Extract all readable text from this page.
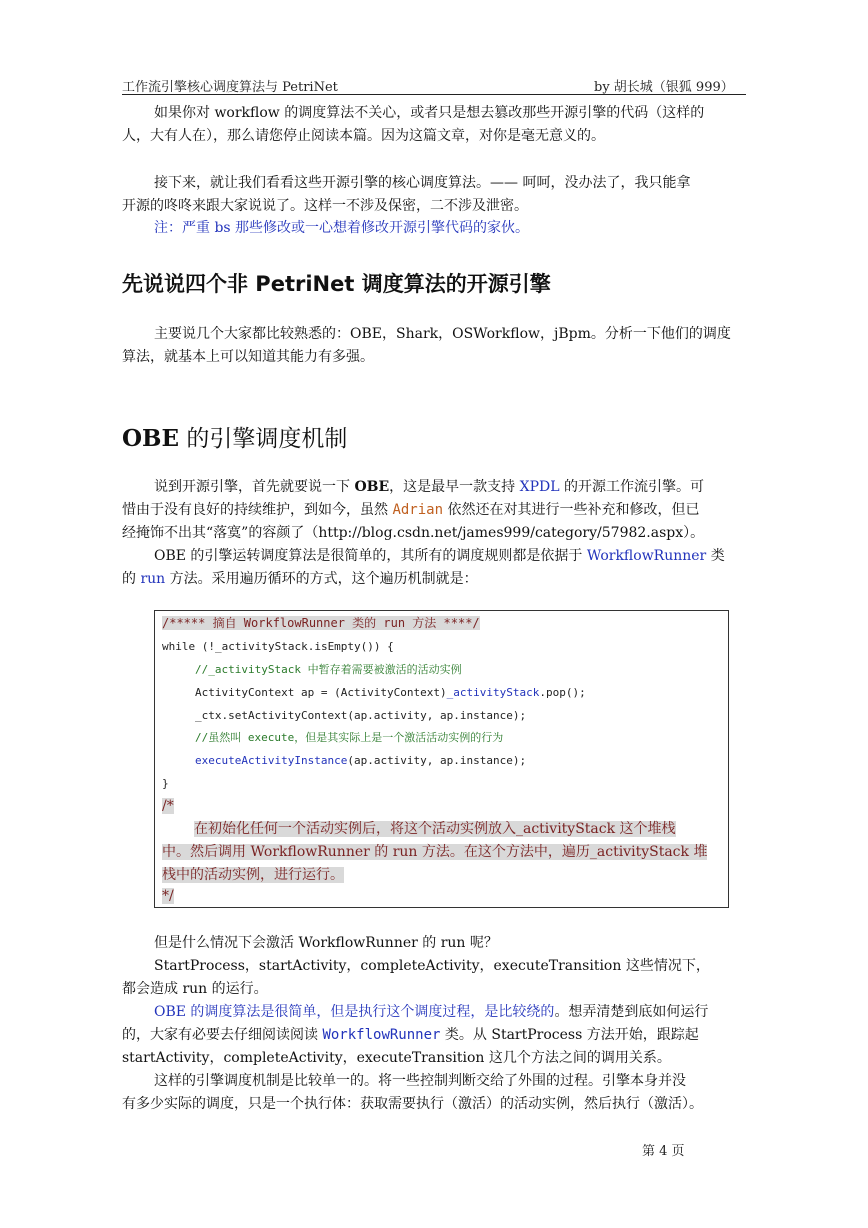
工作流引擎核心调度算法与 PetriNet	by 胡长城（银狐 999）

如果你对 workflow 的调度算法不关心，或者只是想去篡改那些开源引擎的代码（这样的

人，大有人在），那么请您停止阅读本篇。因为这篇文章，对你是毫无意义的。

接下来，就让我们看看这些开源引擎的核心调度算法。—— 呵呵，没办法了，我只能拿

开源的咚咚来跟大家说说了。这样一不涉及保密，二不涉及泄密。

注：严重 bs 那些修改或一心想着修改开源引擎代码的家伙。

先说说四个非 PetriNet 调度算法的开源引擎

主要说几个大家都比较熟悉的：OBE，Shark，OSWorkflow，jBpm。分析一下他们的调度

算法，就基本上可以知道其能力有多强。

OBE 的引擎调度机制

说到开源引擎，首先就要说一下 OBE，这是最早一款支持 XPDL 的开源工作流引擎。可

惜由于没有良好的持续维护，到如今，虽然 Adrian 依然还在对其进行一些补充和修改，但已

经掩饰不出其“落寞”的容颜了（http://blog.csdn.net/james999/category/57982.aspx）。

OBE 的引擎运转调度算法是很简单的，其所有的调度规则都是依据于 WorkflowRunner 类

的 run 方法。采用遍历循环的方式，这个遍历机制就是：

/***** 摘自 WorkflowRunner 类的 run 方法 ****/
while (!_activityStack.isEmpty()) {
//_activityStack 中暂存着需要被激活的活动实例
ActivityContext ap = (ActivityContext)_activityStack.pop();
_ctx.setActivityContext(ap.activity, ap.instance);
//虽然叫 execute，但是其实际上是一个激活活动实例的行为
executeActivityInstance(ap.activity, ap.instance);
}
/*
在初始化任何一个活动实例后，将这个活动实例放入_activityStack 这个堆栈
中。然后调用 WorkflowRunner 的 run 方法。在这个方法中，遍历_activityStack 堆
栈中的活动实例，进行运行。
*/

但是什么情况下会激活 WorkflowRunner 的 run 呢？

StartProcess，startActivity，completeActivity，executeTransition 这些情况下，

都会造成 run 的运行。

OBE 的调度算法是很简单，但是执行这个调度过程，是比较绕的。想弄清楚到底如何运行

的，大家有必要去仔细阅读阅读 WorkflowRunner 类。从 StartProcess 方法开始，跟踪起

startActivity，completeActivity，executeTransition 这几个方法之间的调用关系。

这样的引擎调度机制是比较单一的。将一些控制判断交给了外围的过程。引擎本身并没

有多少实际的调度，只是一个执行体：获取需要执行（激活）的活动实例，然后执行（激活）。

第 4 页
